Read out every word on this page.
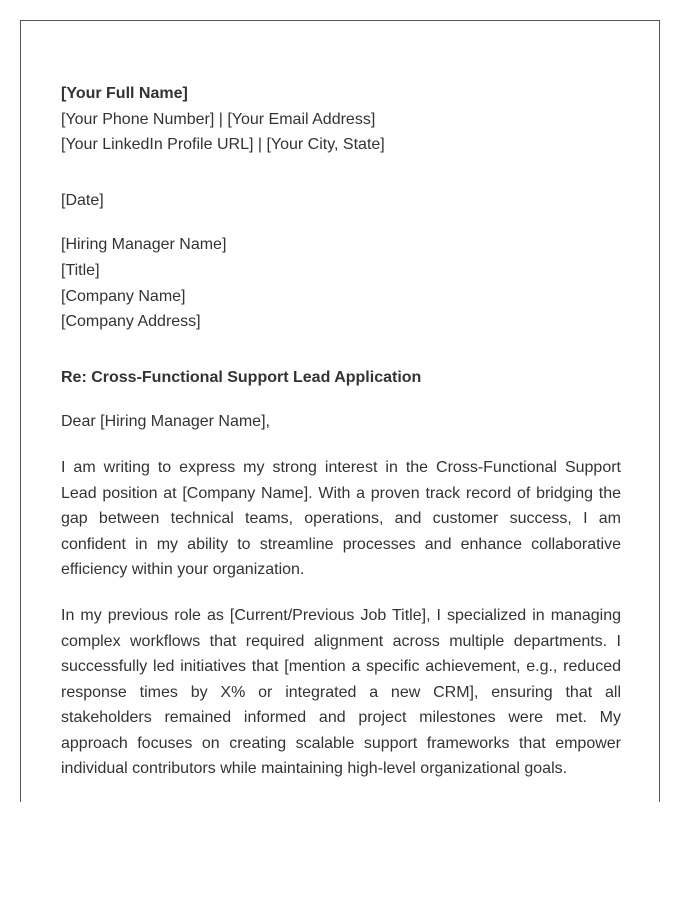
[Your Full Name]
[Your Phone Number] | [Your Email Address]
[Your LinkedIn Profile URL] | [Your City, State]
[Date]
[Hiring Manager Name]
[Title]
[Company Name]
[Company Address]
Re: Cross-Functional Support Lead Application
Dear [Hiring Manager Name],

I am writing to express my strong interest in the Cross-Functional Support Lead position at [Company Name]. With a proven track record of bridging the gap between technical teams, operations, and customer success, I am confident in my ability to streamline processes and enhance collaborative efficiency within your organization.

In my previous role as [Current/Previous Job Title], I specialized in managing complex workflows that required alignment across multiple departments. I successfully led initiatives that [mention a specific achievement, e.g., reduced response times by X% or integrated a new CRM], ensuring that all stakeholders remained informed and project milestones were met. My approach focuses on creating scalable support frameworks that empower individual contributors while maintaining high-level organizational goals.
